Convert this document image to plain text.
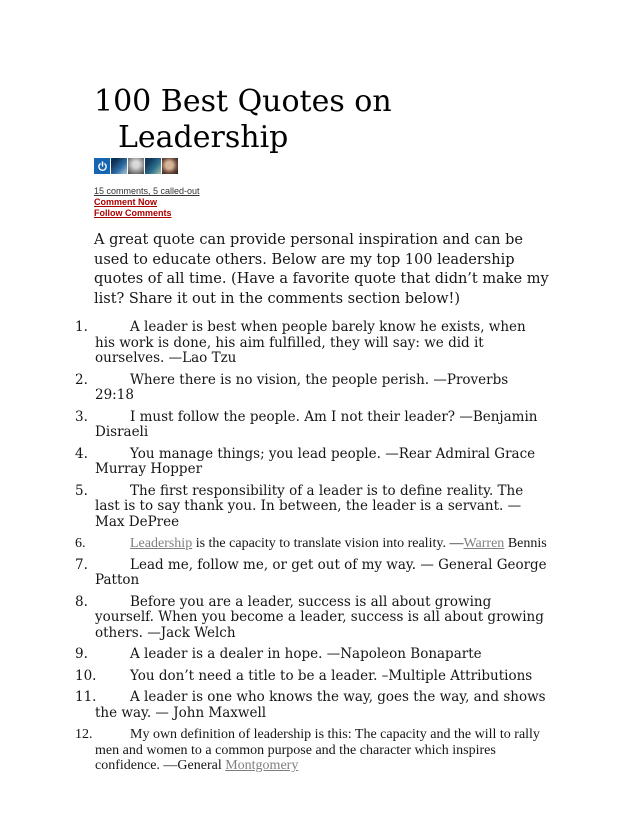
100 Best Quotes on
Leadership
15 comments, 5 called-out
Comment Now
Follow Comments

A great quote can provide personal inspiration and can be used to educate others. Below are my top 100 leadership quotes of all time. (Have a favorite quote that didn’t make my list? Share it out in the comments section below!)

1.	A leader is best when people barely know he exists, when his work is done, his aim fulfilled, they will say: we did it ourselves. —Lao Tzu

2.	Where there is no vision, the people perish. —Proverbs 29:18

3.	I must follow the people. Am I not their leader? —Benjamin Disraeli

4.	You manage things; you lead people. —Rear Admiral Grace Murray Hopper

5.	The first responsibility of a leader is to define reality. The last is to say thank you. In between, the leader is a servant. —Max DePree

6.	Leadership is the capacity to translate vision into reality. —Warren Bennis

7.	Lead me, follow me, or get out of my way. — General George Patton

8.	Before you are a leader, success is all about growing yourself. When you become a leader, success is all about growing others. —Jack Welch

9.	A leader is a dealer in hope. —Napoleon Bonaparte

10.	You don’t need a title to be a leader. –Multiple Attributions

11.	A leader is one who knows the way, goes the way, and shows the way. — John Maxwell

12.	My own definition of leadership is this: The capacity and the will to rally men and women to a common purpose and the character which inspires confidence. —General Montgomery
